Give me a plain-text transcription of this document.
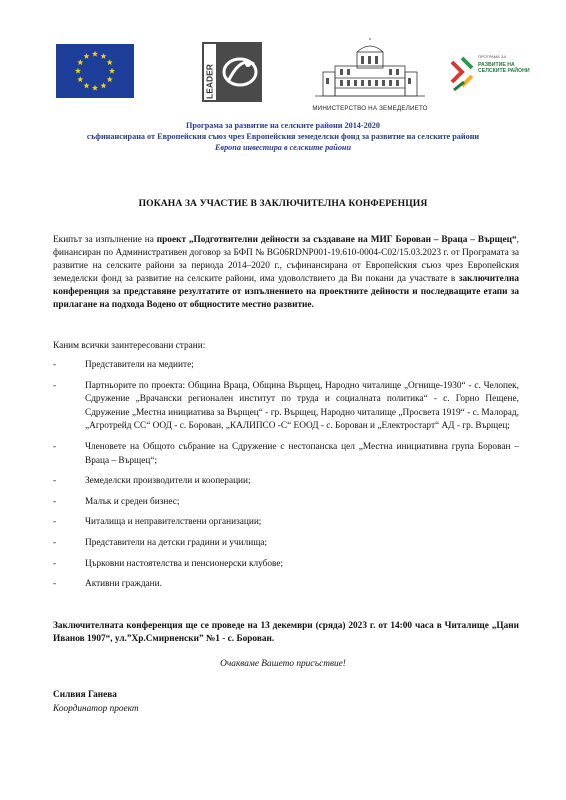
LEADER
МИНИСТЕРСТВО НА ЗЕМЕДЕЛИЕТО
ПРОГРАМА ЗА
РАЗВИТИЕ НА
СЕЛСКИТЕ РАЙОНИ
Програма за развитие на селските райони 2014-2020
съфинансирана от Европейския съюз чрез Европейския земеделски фонд за развитие на селските райони
Европа инвестира в селските райони
ПОКАНА ЗА УЧАСТИЕ В ЗАКЛЮЧИТЕЛНА КОНФЕРЕНЦИЯ
Екипът за изпълнение на проект „Подготвителни дейности за създаване на МИГ Борован – Враца – Върщец“, финансиран по Административен договор за БФП № BG06RDNP001-19.610-0004-C02/15.03.2023 г. от Програмата за развитие на селските райони за периода 2014–2020 г., съфинансирана от Европейския съюз чрез Европейския земеделски фонд за развитие на селските райони, има удоволствието да Ви покани да участвате в заключителна конференция за представяне резултатите от изпълнението на проектните дейности и последващите етапи за прилагане на подхода Водено от общностите местно развитие.
Каним всички заинтересовани страни:
-	Представители на медиите;
-	Партньорите по проекта: Община Враца, Община Върщец, Народно читалище „Огнище-1930“ - с. Челопек, Сдружение „Врачански регионален институт по труда и социалната политика“ - с. Горно Пещене, Сдружение „Местна инициатива за Върщец“ - гр. Върщец, Народно читалище „Просвета 1919“ - с. Малорад, „Агротрейд СС“ ООД - с. Борован, „КАЛИПСО -С“ ЕООД - с. Борован и „Електростарт“ АД - гр. Върщец;
-	Членовете на Общото събрание на Сдружение с нестопанска цел „Местна инициативна група Борован – Враца – Върщец“;
-	Земеделски производители и кооперации;
-	Малък и среден бизнес;
-	Читалища и неправителствени организации;
-	Представители на детски градини и училища;
-	Църковни настоятелства и пенсионерски клубове;
-	Активни граждани.
Заключителната конференция ще се проведе на 13 декември (сряда) 2023 г. от 14:00 часа в Читалище „Цани Иванов 1907“, ул.”Хр.Смирненски” №1 - с. Борован.
Очакваме Вашето присъствие!
Силвия Ганева
Координатор проект
